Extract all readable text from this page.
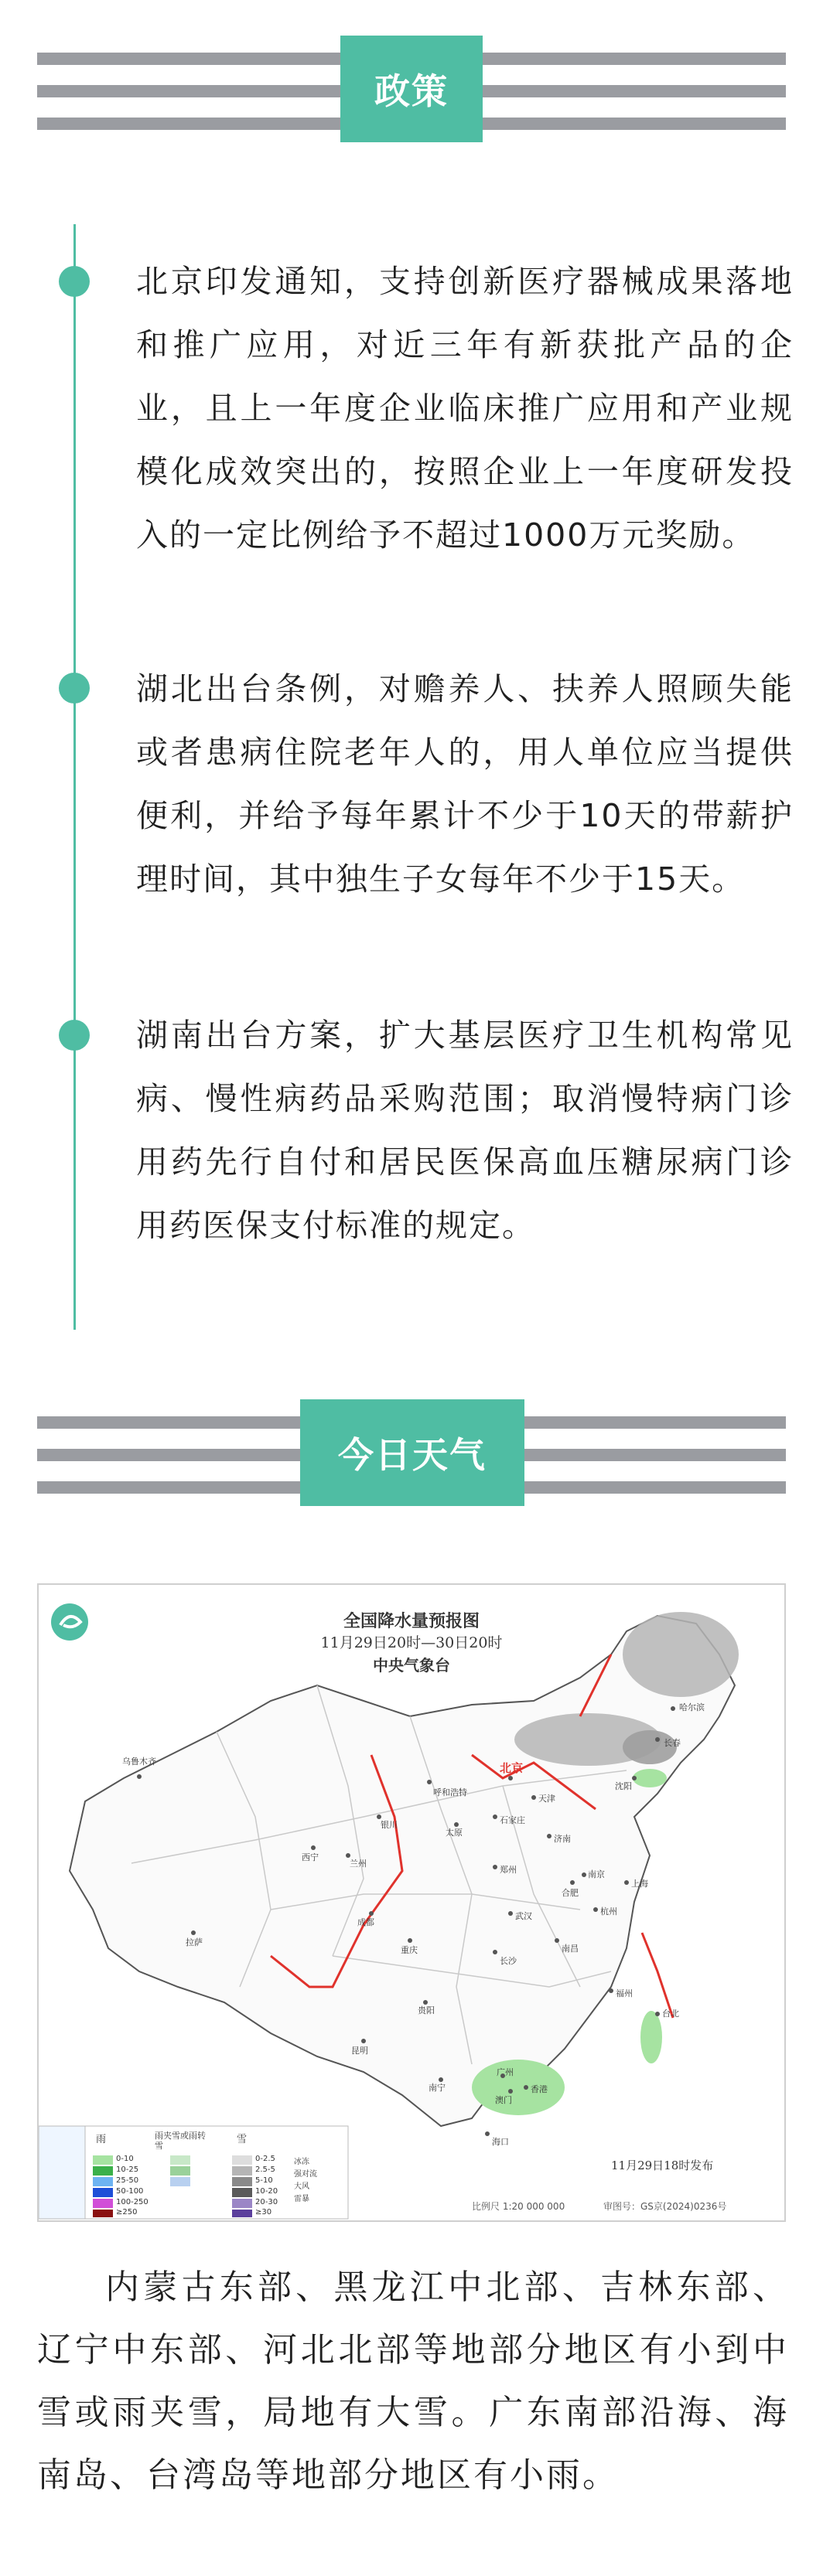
政策
北京印发通知，支持创新医疗器械成果落地和推广应用，对近三年有新获批产品的企业，且上一年度企业临床推广应用和产业规模化成效突出的，按照企业上一年度研发投入的一定比例给予不超过1000万元奖励。
湖北出台条例，对赡养人、扶养人照顾失能或者患病住院老年人的，用人单位应当提供便利，并给予每年累计不少于10天的带薪护理时间，其中独生子女每年不少于15天。
湖南出台方案，扩大基层医疗卫生机构常见病、慢性病药品采购范围；取消慢特病门诊用药先行自付和居民医保高血压糖尿病门诊用药医保支付标准的规定。
今日天气
全国降水量预报图
11月29日20时—30日20时
中央气象台
雨	雨夹雪或雨转雪
雪
0-10
10-25
25-50
50-100
100-250
≥250
0-2.5
2.5-5
5-10
10-20
20-30
≥30
冰冻
强对流
大风
雷暴
11月29日18时发布
比例尺 1:20 000 000	审图号：GS京(2024)0236号
乌鲁木齐
哈尔滨
长春
沈阳
呼和浩特
北京
天津
银川	石家庄
太原
济南
西宁
兰州
郑州
合肥
南京
上海
武汉	杭州
成都
重庆
长沙
南昌
福州
拉萨
贵阳
昆明
台北
南宁
广州
香港
澳门
海口
内蒙古东部、黑龙江中北部、吉林东部、辽宁中东部、河北北部等地部分地区有小到中雪或雨夹雪，局地有大雪。广东南部沿海、海南岛、台湾岛等地部分地区有小雨。
